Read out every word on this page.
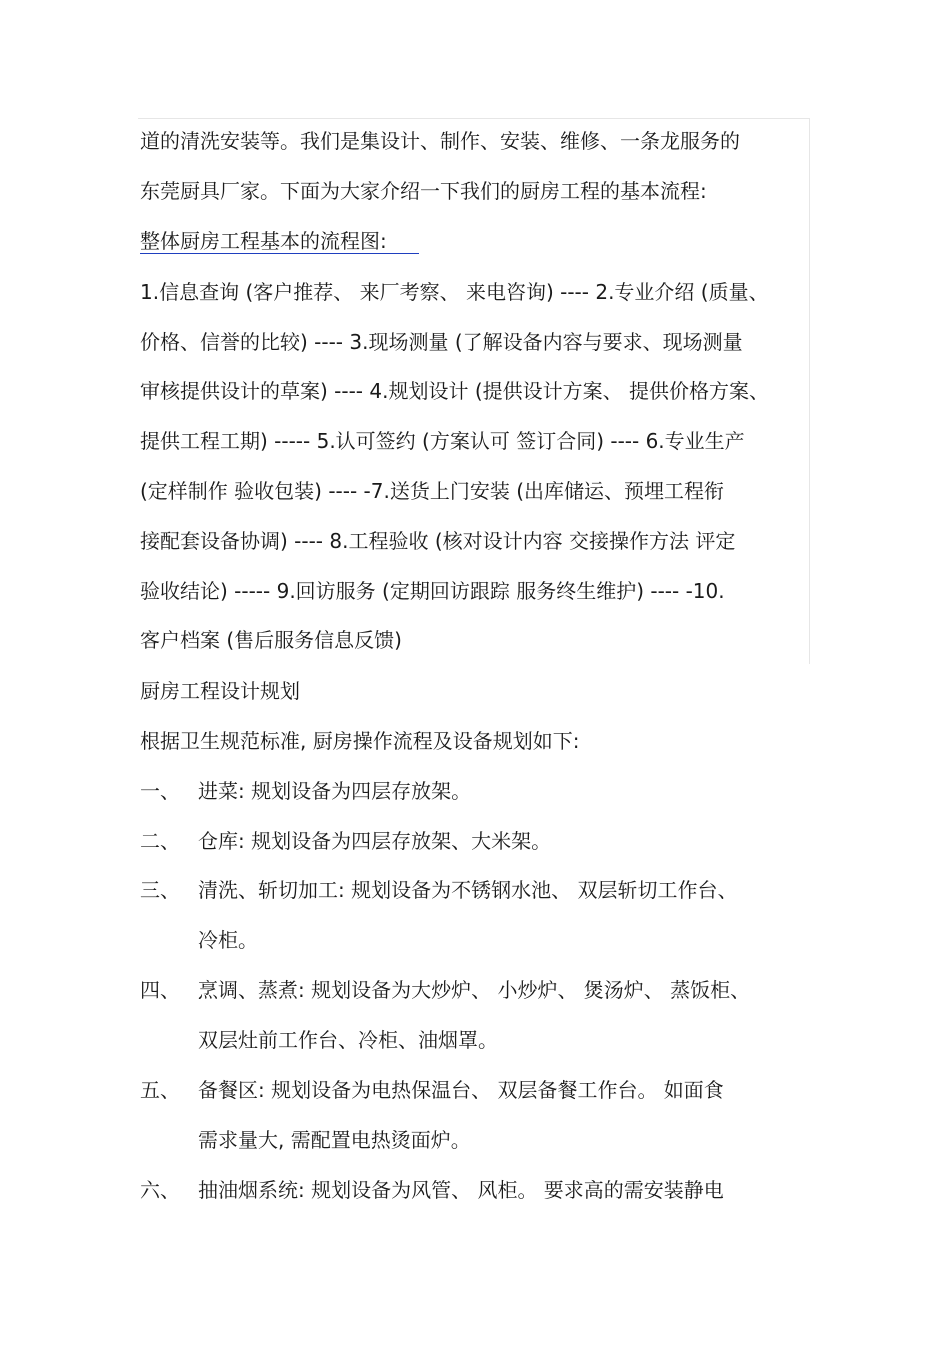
道的清洗安装等。我们是集设计、制作、安装、维修、一条龙服务的

东莞厨具厂家。下面为大家介绍一下我们的厨房工程的基本流程:

整体厨房工程基本的流程图:

1.信息查询 (客户推荐、 来厂考察、 来电咨询) ---- 2.专业介绍 (质量、

价格、信誉的比较) ---- 3.现场测量 (了解设备内容与要求、现场测量

审核提供设计的草案) ---- 4.规划设计 (提供设计方案、 提供价格方案、

提供工程工期) ----- 5.认可签约 (方案认可 签订合同) ---- 6.专业生产

(定样制作 验收包装) ---- -7.送货上门安装 (出库储运、预埋工程衔

接配套设备协调) ---- 8.工程验收 (核对设计内容 交接操作方法 评定

验收结论) ----- 9.回访服务 (定期回访跟踪 服务终生维护) ---- -10.

客户档案 (售后服务信息反馈)

厨房工程设计规划

根据卫生规范标准, 厨房操作流程及设备规划如下:

一、 进菜: 规划设备为四层存放架。
二、 仓库: 规划设备为四层存放架、大米架。
三、 清洗、斩切加工: 规划设备为不锈钢水池、 双层斩切工作台、
冷柜。
四、 烹调、蒸煮: 规划设备为大炒炉、 小炒炉、 煲汤炉、 蒸饭柜、
双层灶前工作台、冷柜、油烟罩。
五、 备餐区: 规划设备为电热保温台、 双层备餐工作台。 如面食
需求量大, 需配置电热烫面炉。
六、 抽油烟系统: 规划设备为风管、 风柜。 要求高的需安装静电
